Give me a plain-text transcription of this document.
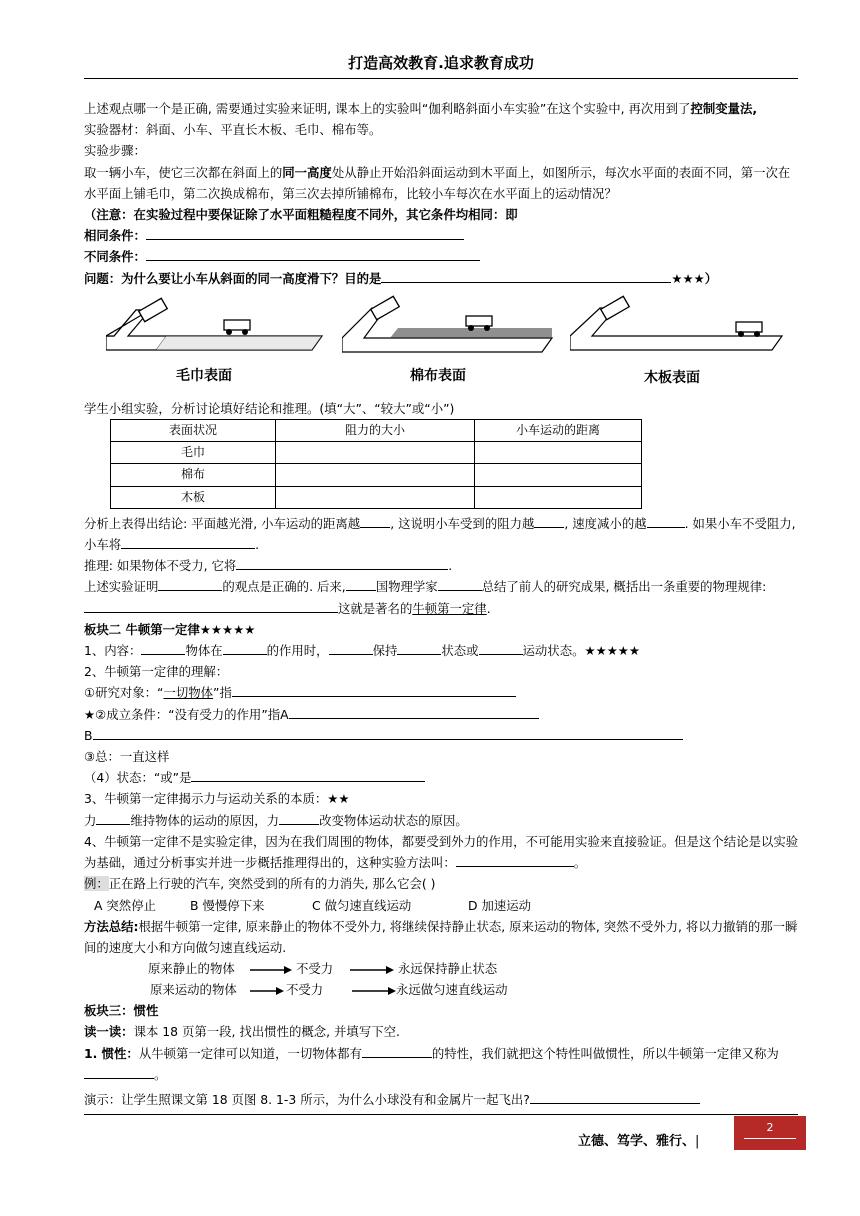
打造高效教育.追求教育成功

上述观点哪一个是正确, 需要通过实验来证明, 课本上的实验叫“伽利略斜面小车实验”在这个实验中, 再次用到了控制变量法,

实验器材：斜面、小车、平直长木板、毛巾、棉布等。

实验步骤：

取一辆小车，使它三次都在斜面上的同一高度处从静止开始沿斜面运动到木平面上，如图所示，每次水平面的表面不同，第一次在水平面上铺毛巾，第二次换成棉布，第三次去掉所铺棉布，比较小车每次在水平面上的运动情况？

（注意：在实验过程中要保证除了水平面粗糙程度不同外，其它条件均相同：即

相同条件：

不同条件：

问题：为什么要让小车从斜面的同一高度滑下？目的是	★★★）

毛巾表面	棉布表面	木板表面

学生小组实验，分析讨论填好结论和推理。(填“大”、“较大”或“小”)

表面状况	阻力的大小	小车运动的距离
毛巾		
棉布		
木板		

分析上表得出结论: 平面越光滑, 小车运动的距离越 , 这说明小车受到的阻力越 , 速度减小的越	. 如果小车不受阻力, 小车将	.

推理: 如果物体不受力, 它将	.

上述实验证明	的观点是正确的. 后来, 国物理学家	总结了前人的研究成果, 概括出一条重要的物理规律:这就是著名的牛顿第一定律.

板块二 牛顿第一定律★★★★★

1、内容：	物体在	的作用时，	保持	状态或	运动状态。★★★★★

2、牛顿第一定律的理解：

①研究对象：“一切物体”指

★②成立条件：“没有受力的作用”指A

B

③总：一直这样

（4）状态：“或”是

3、牛顿第一定律揭示力与运动关系的本质：★★

力	维持物体的运动的原因，力	改变物体运动状态的原因。

4、牛顿第一定律不是实验定律，因为在我们周围的物体，都要受到外力的作用，不可能用实验来直接验证。但是这个结论是以实验为基础，通过分析事实并进一步概括推理得出的，这种实验方法叫：	。

例：正在路上行驶的汽车, 突然受到的所有的力消失, 那么它会( )

A 突然停止	B 慢慢停下来	C 做匀速直线运动	D 加速运动

方法总结:根据牛顿第一定律, 原来静止的物体不受外力, 将继续保持静止状态, 原来运动的物体, 突然不受外力, 将以力撤销的那一瞬间的速度大小和方向做匀速直线运动.

原来静止的物体	不受力	永远保持静止状态
原来运动的物体	不受力	永远做匀速直线运动

板块三：惯性

读一读：课本 18 页第一段, 找出惯性的概念, 并填写下空.

1. 惯性：从牛顿第一定律可以知道，一切物体都有	的特性，我们就把这个特性叫做惯性，所以牛顿第一定律又称为。

演示：让学生照课文第 18 页图 8. 1-3 所示，为什么小球没有和金属片一起飞出?

立德、笃学、雅行、|
2
